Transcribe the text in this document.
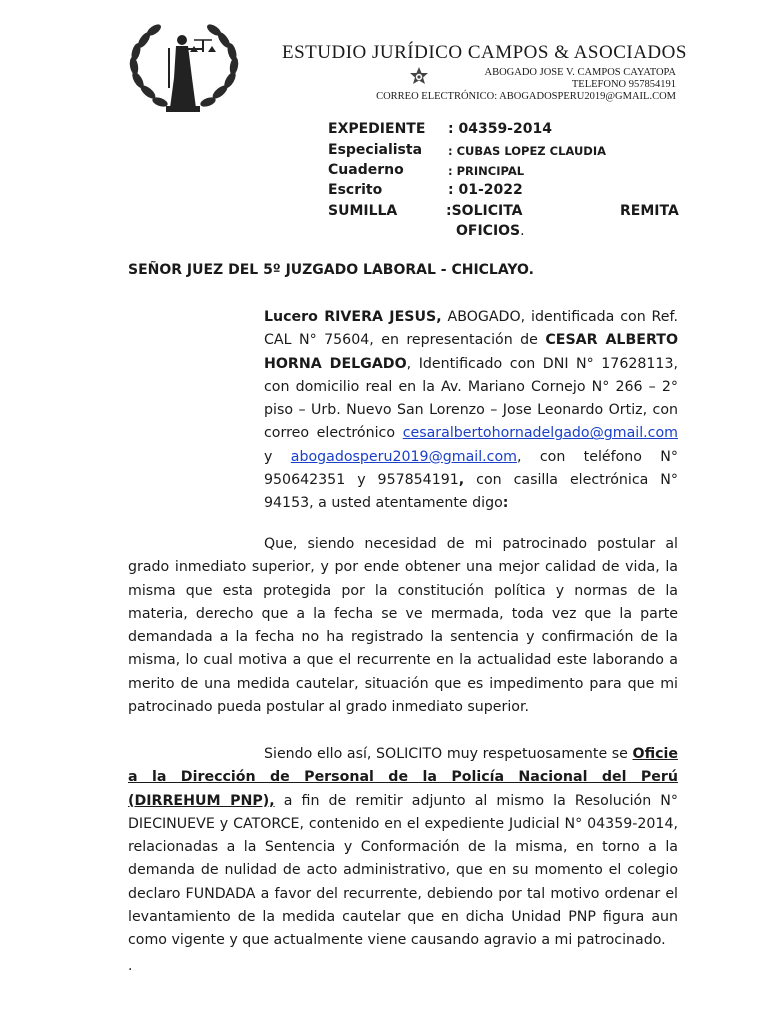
ESTUDIO JURÍDICO CAMPOS & ASOCIADOS
ABOGADO JOSE V. CAMPOS CAYATOPA
TELEFONO 957854191
CORREO ELECTRÓNICO: ABOGADOSPERU2019@GMAIL.COM
EXPEDIENTE : 04359-2014
Especialista : CUBAS LOPEZ CLAUDIA
Cuaderno	: PRINCIPAL
Escrito	: 01-2022
SUMILLA	:SOLICITA	REMITA
OFICIOS.
SEÑOR JUEZ DEL 5º JUZGADO LABORAL - CHICLAYO.
Lucero RIVERA JESUS, ABOGADO, identificada con Ref. CAL N° 75604, en representación de CESAR ALBERTO HORNA DELGADO, Identificado con DNI N° 17628113, con domicilio real en la Av. Mariano Cornejo N° 266 – 2° piso – Urb. Nuevo San Lorenzo – Jose Leonardo Ortiz, con correo electrónico cesaralbertohornadelgado@gmail.com y abogadosperu2019@gmail.com, con teléfono N° 950642351 y 957854191, con casilla electrónica N° 94153, a usted atentamente digo:
Que, siendo necesidad de mi patrocinado postular al grado inmediato superior, y por ende obtener una mejor calidad de vida, la misma que esta protegida por la constitución política y normas de la materia, derecho que a la fecha se ve mermada, toda vez que la parte demandada a la fecha no ha registrado la sentencia y confirmación de la misma, lo cual motiva a que el recurrente en la actualidad este laborando a merito de una medida cautelar, situación que es impedimento para que mi patrocinado pueda postular al grado inmediato superior.
Siendo ello así, SOLICITO muy respetuosamente se Oficie a la Dirección de Personal de la Policía Nacional del Perú (DIRREHUM PNP), a fin de remitir adjunto al mismo la Resolución N° DIECINUEVE y CATORCE, contenido en el expediente Judicial N° 04359-2014, relacionadas a la Sentencia y Conformación de la misma, en torno a la demanda de nulidad de acto administrativo, que en su momento el colegio declaro FUNDADA a favor del recurrente, debiendo por tal motivo ordenar el levantamiento de la medida cautelar que en dicha Unidad PNP figura aun como vigente y que actualmente viene causando agravio a mi patrocinado.
.
